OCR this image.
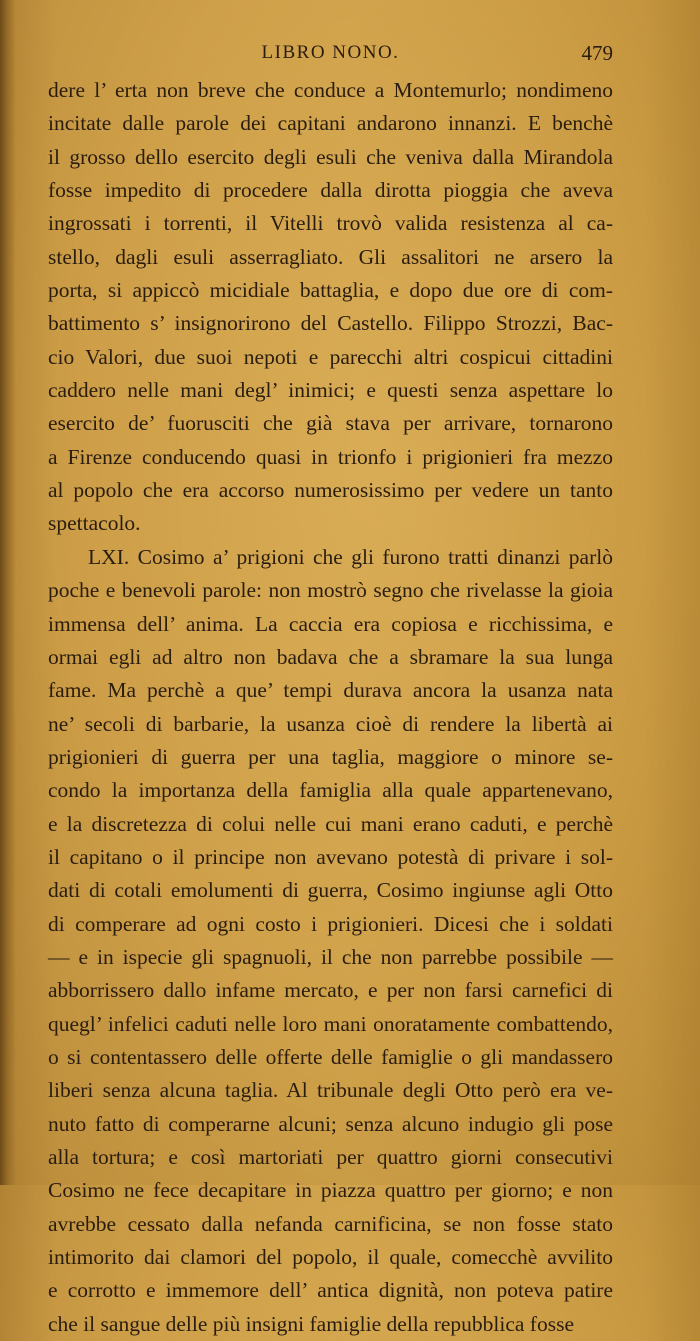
LIBRO NONO.	479
dere l’ erta non breve che conduce a Montemurlo; nondimeno
incitate dalle parole dei capitani andarono innanzi. E benchè
il grosso dello esercito degli esuli che veniva dalla Mirandola
fosse impedito di procedere dalla dirotta pioggia che aveva
ingrossati i torrenti, il Vitelli trovò valida resistenza al ca-
stello, dagli esuli asserragliato. Gli assalitori ne arsero la
porta, si appiccò micidiale battaglia, e dopo due ore di com-
battimento s’ insignorirono del Castello. Filippo Strozzi, Bac-
cio Valori, due suoi nepoti e parecchi altri cospicui cittadini
caddero nelle mani degl’ inimici; e questi senza aspettare lo
esercito de’ fuorusciti che già stava per arrivare, tornarono
a Firenze conducendo quasi in trionfo i prigionieri fra mezzo
al popolo che era accorso numerosissimo per vedere un tanto
spettacolo.
LXI. Cosimo a’ prigioni che gli furono tratti dinanzi parlò
poche e benevoli parole: non mostrò segno che rivelasse la gioia
immensa dell’ anima. La caccia era copiosa e ricchissima, e
ormai egli ad altro non badava che a sbramare la sua lunga
fame. Ma perchè a que’ tempi durava ancora la usanza nata
ne’ secoli di barbarie, la usanza cioè di rendere la libertà ai
prigionieri di guerra per una taglia, maggiore o minore se-
condo la importanza della famiglia alla quale appartenevano,
e la discretezza di colui nelle cui mani erano caduti, e perchè
il capitano o il principe non avevano potestà di privare i sol-
dati di cotali emolumenti di guerra, Cosimo ingiunse agli Otto
di comperare ad ogni costo i prigionieri. Dicesi che i soldati
— e in ispecie gli spagnuoli, il che non parrebbe possibile —
abborrissero dallo infame mercato, e per non farsi carnefici di
quegl’ infelici caduti nelle loro mani onoratamente combattendo,
o si contentassero delle offerte delle famiglie o gli mandassero
liberi senza alcuna taglia. Al tribunale degli Otto però era ve-
nuto fatto di comperarne alcuni; senza alcuno indugio gli pose
alla tortura; e così martoriati per quattro giorni consecutivi
Cosimo ne fece decapitare in piazza quattro per giorno; e non
avrebbe cessato dalla nefanda carnificina, se non fosse stato
intimorito dai clamori del popolo, il quale, comecchè avvilito
e corrotto e immemore dell’ antica dignità, non poteva patire
che il sangue delle più insigni famiglie della repubblica fosse
